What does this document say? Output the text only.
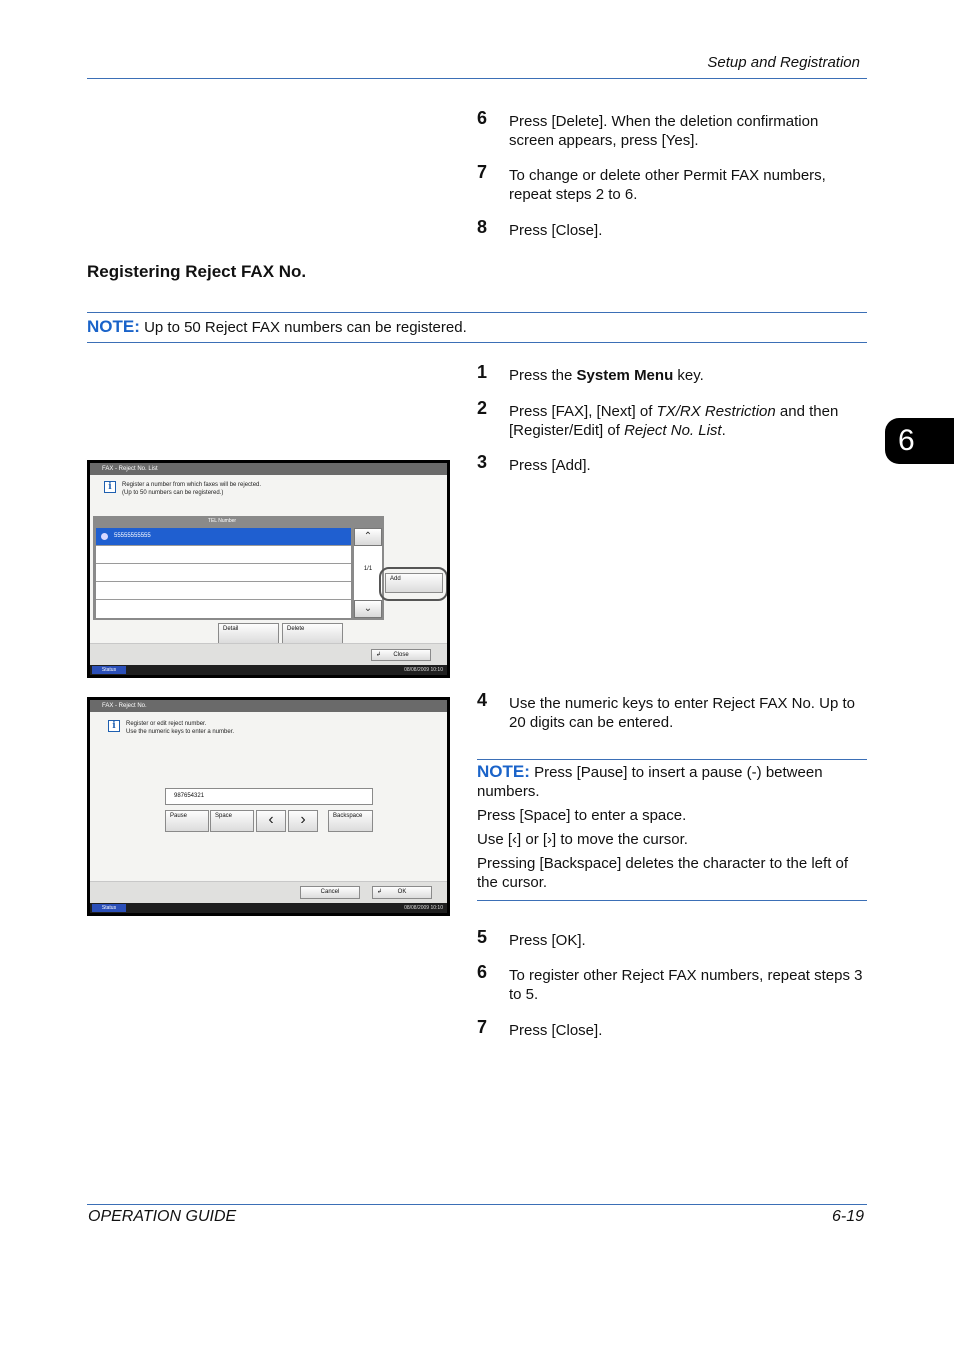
Setup and Registration
6 Press [Delete]. When the deletion confirmation screen appears, press [Yes].
7 To change or delete other Permit FAX numbers, repeat steps 2 to 6.
8 Press [Close].
Registering Reject FAX No.
NOTE: Up to 50 Reject FAX numbers can be registered.
6
1 Press the System Menu key.
2 Press [FAX], [Next] of TX/RX Restriction and then [Register/Edit] of Reject No. List.
3 Press [Add].
4 Use the numeric keys to enter Reject FAX No. Up to 20 digits can be entered.

NOTE: Press [Pause] to insert a pause (-) between numbers.

Press [Space] to enter a space.

Use [‹] or [›] to move the cursor.

Pressing [Backspace] deletes the character to the left of the cursor.

5 Press [OK].
6 To register other Reject FAX numbers, repeat steps 3 to 5.
7 Press [Close].
FAX - Reject No. List
i	Register a number from which faxes will be rejected.
(Up to 50 numbers can be registered.)
TEL Number
55555555555	⌃
1/1
⌄
Add
Detail	Delete
↲ Close
Status	08/08/2009 10:10
FAX - Reject No.
i	Register or edit reject number.
Use the numeric keys to enter a number.
987654321
Pause	Space	‹	›	Backspace
Cancel	↲	OK
Status	08/08/2009 10:10
OPERATION GUIDE	6-19
